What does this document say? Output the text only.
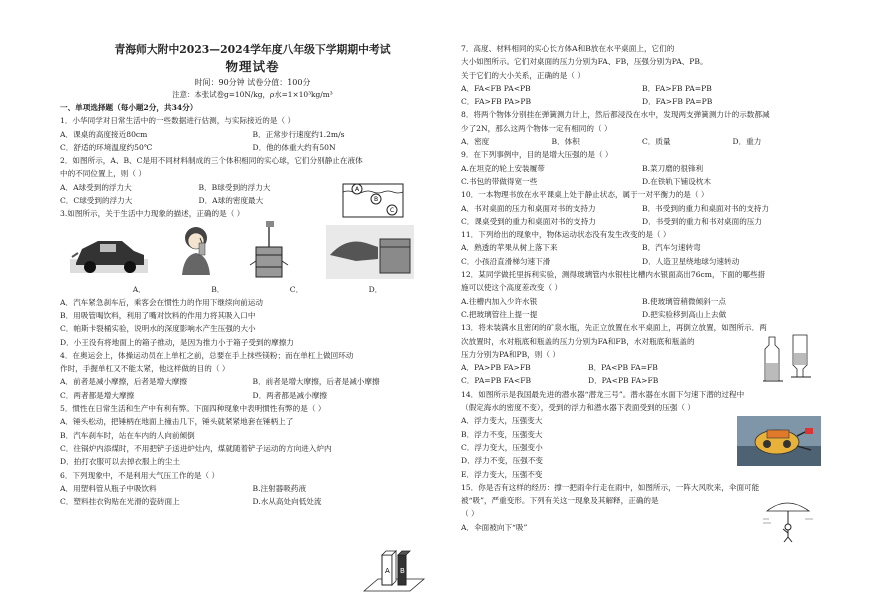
青海师大附中2023—2024学年度八年级下学期期中考试
物理试卷
时间：90分钟 试卷分值：100分
注意：本张试卷g=10N/kg，ρ水=1×10³kg/m³
一、单项选择题（每小题2分，共34分）
1．小华同学对日常生活中的一些数据进行估测，与实际接近的是（ ）
A．课桌的高度接近80cm	B．正常步行速度约1.2m/s
C．舒适的环境温度约50℃	D．他的体重大约有50N
2．如图所示，A、B、C是用不同材料制成的三个体积相同的实心球，它们分别静止在液体
中的不同位置上，则（ ）
A．A球受到的浮力大	B．B球受到的浮力大
C．C球受到的浮力大	D．A球的密度最大
A
B
C
3.如图所示，关于生活中力现象的描述，正确的是（ ）
A．	B．	C．	D．
A．汽车紧急刹车后，乘客会在惯性力的作用下继续向前运动
B．用吸管喝饮料，利用了嘴对饮料的作用力将其吸入口中
C．帕斯卡裂桶实验，说明水的深度影响水产生压强的大小
D．小王没有将地面上的箱子推动，是因为推力小于箱子受到的摩擦力
4．在奥运会上，体操运动员在上单杠之前，总要在手上抹些镁粉；而在单杠上做回环动
作时，手握单杠又不能太紧，他这样做的目的（ ）
A．前者是减小摩擦，后者是增大摩擦	B．前者是增大摩擦，后者是减小摩擦
C．两者都是增大摩擦	D．两者都是减小摩擦
5．惯性在日常生活和生产中有利有弊。下面四种现象中表明惯性有弊的是（ ）
A．锤头松动，把锤柄在地面上撞击几下，锤头就紧紧地套在锤柄上了
B．汽车刹车时，站在车内的人向前倾倒
C．往锅炉内添煤时，不用把铲子送进炉灶内，煤就随着铲子运动的方向进入炉内
D．拍打衣服可以去掉衣服上的尘土
6．下列现象中，不是利用大气压工作的是（ ）
A．用塑料管从瓶子中吸饮料	B.注射器吸药液
C．塑料挂衣钩贴在光滑的瓷砖面上	D.水从高处向低处流
A B
7．高度、材料相同的实心长方体A和B放在水平桌面上，它们的
大小如图所示。它们对桌面的压力分别为FA、FB，压强分别为PA、PB。
关于它们的大小关系，正确的是（ ）
A．FA<FB PA<PB	B．FA>FB PA=PB
C．FA>FB PA>PB	D．FA>FB PA=PB
8．将两个物体分别挂在弹簧测力计上，然后都浸没在水中，发现两支弹簧测力计的示数都减
少了2N，那么这两个物体一定有相同的（ ）
A．密度	B．体积	C．质量	D．重力
9．在下列事例中，目的是增大压强的是（ ）
A.在坦克的轮上安装履带	B.菜刀磨的很锋利
C.书包的带做得宽一些	D.在铁轨下铺设枕木
10．一本物理书放在水平课桌上处于静止状态，属于一对平衡力的是（ ）
A．书对桌面的压力和桌面对书的支持力	B．书受到的重力和桌面对书的支持力
C．课桌受到的重力和桌面对书的支持力	D．书受到的重力和书对桌面的压力
11．下列给出的现象中，物体运动状态没有发生改变的是（ ）
A．熟透的苹果从树上落下来	B．汽车匀速转弯
C．小孩沿直滑梯匀速下滑	D．人造卫星绕地球匀速转动
12．某同学做托里拆利实验，测得玻璃管内水银柱比槽内水银面高出76cm，下面的哪些措
施可以使这个高度差改变（ ）
A.往槽内加入少许水银	B.使玻璃管稍微倾斜一点
C.把玻璃管往上提一提	D.把实验移到高山上去做
13．将未装满水且密闭的矿泉水瓶，先正立放置在水平桌面上，再倒立放置，如图所示．两
次放置时，水对瓶底和瓶盖的压力分别为FA和FB，水对瓶底和瓶盖的
压力分别为PA和PB，则（ ）
A．PA>PB FA>FB	B．PA<PB FA=FB
C．PA=PB FA<FB	D．PA<PB FA>FB
14．如图所示是我国最先进的潜水器“潜龙三号”。潜水器在水面下匀速下潜的过程中
（假定海水的密度不变），受到的浮力和潜水器下表面受到的压强（ ）
A．浮力变大，压强变大
B．浮力不变，压强变大
C．浮力变大，压强变小
D．浮力不变，压强不变
E．浮力变大，压强不变
15．你是否有这样的经历：撑一把雨伞行走在雨中，如图所示，一阵大风吹来，伞面可能
被“吸”，严重变形。下列有关这一现象及其解释，正确的是
（ ）
A．伞面被向下“吸”
